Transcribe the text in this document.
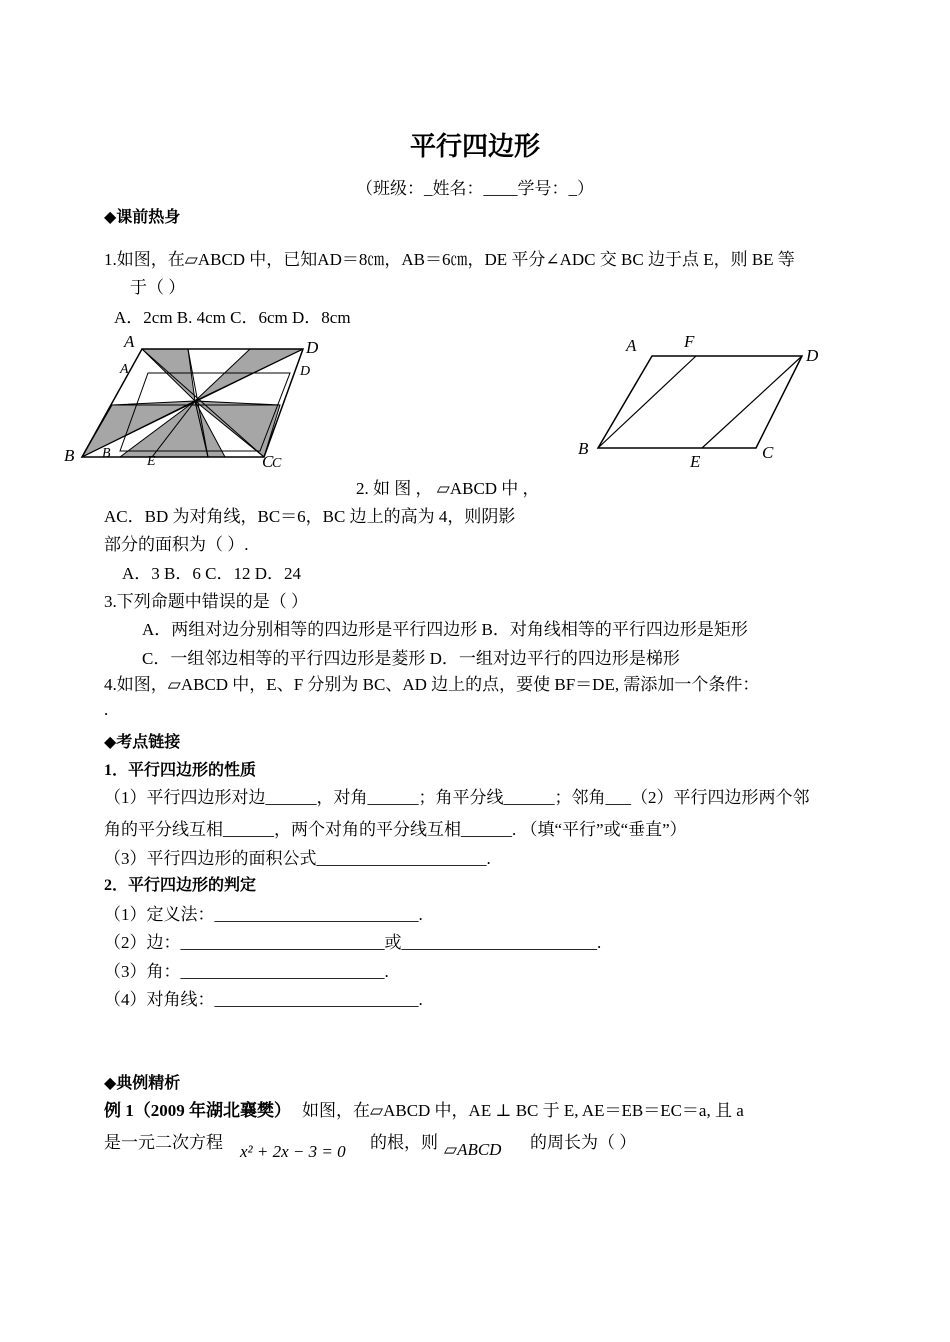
平行四边形
（班级：_姓名：____学号：_）
◆课前热身
1.如图，在▱ABCD 中，已知AD＝8㎝，AB＝6㎝，DE 平分∠ADC 交 BC 边于点 E，则 BE 等
于（ ）
A．2cm B. 4cm C．6cm D．8cm
A	D
B	C
A	D
B
E	C
A	F
D
B
E	C
2. 如 图 ， ▱ABCD 中 ，
AC．BD 为对角线，BC＝6，BC 边上的高为 4，则阴影
部分的面积为（ ）.
A．3 B．6 C．12 D．24
3.下列命题中错误的是（ ）
A．两组对边分别相等的四边形是平行四边形 B．对角线相等的平行四边形是矩形
C．一组邻边相等的平行四边形是菱形 D．一组对边平行的四边形是梯形
4.如图，▱ABCD 中，E、F 分别为 BC、AD 边上的点，要使 BF＝DE, 需添加一个条件：
.
◆考点链接
1．平行四边形的性质
（1）平行四边形对边______，对角______；角平分线______；邻角___（2）平行四边形两个邻
角的平分线互相______，两个对角的平分线互相______. （填“平行”或“垂直”）
（3）平行四边形的面积公式____________________.
2．平行四边形的判定
（1）定义法：________________________.
（2）边：________________________或_______________________.
（3）角：________________________.
（4）对角线：________________________.
◆典例精析
例 1（2009 年湖北襄樊） 如图，在▱ABCD 中，AE ⊥ BC 于 E, AE＝EB＝EC＝a, 且 a
是一元二次方程 x² + 2x − 3 = 0 的根，则 ▱ABCD 的周长为（ ）
